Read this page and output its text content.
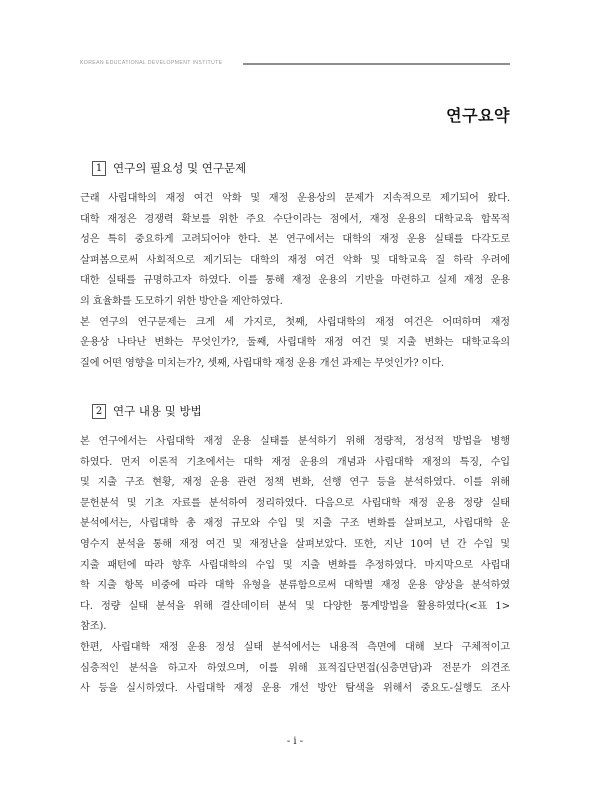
KOREAN EDUCATIONAL DEVELOPMENT INSTITUTE
연구요약
1 연구의 필요성 및 연구문제
근래 사립대학의 재정 여건 악화 및 재정 운용상의 문제가 지속적으로 제기되어 왔다.
대학 재정은 경쟁력 확보를 위한 주요 수단이라는 점에서, 재정 운용의 대학교육 합목적
성은 특히 중요하게 고려되어야 한다. 본 연구에서는 대학의 재정 운용 실태를 다각도로
살펴봄으로써 사회적으로 제기되는 대학의 재정 여건 악화 및 대학교육 질 하락 우려에
대한 실태를 규명하고자 하였다. 이를 통해 재정 운용의 기반을 마련하고 실제 재정 운용
의 효율화를 도모하기 위한 방안을 제안하였다.
본 연구의 연구문제는 크게 세 가지로, 첫째, 사립대학의 재정 여건은 어떠하며 재정
운용상 나타난 변화는 무엇인가?, 둘째, 사립대학 재정 여건 및 지출 변화는 대학교육의
질에 어떤 영향을 미치는가?, 셋째, 사립대학 재정 운용 개선 과제는 무엇인가? 이다.
2 연구 내용 및 방법
본 연구에서는 사립대학 재정 운용 실태를 분석하기 위해 정량적, 정성적 방법을 병행
하였다. 먼저 이론적 기초에서는 대학 재정 운용의 개념과 사립대학 재정의 특징, 수입
및 지출 구조 현황, 재정 운용 관련 정책 변화, 선행 연구 등을 분석하였다. 이를 위해
문헌분석 및 기초 자료를 분석하여 정리하였다. 다음으로 사립대학 재정 운용 정량 실태
분석에서는, 사립대학 총 재정 규모와 수입 및 지출 구조 변화를 살펴보고, 사립대학 운
영수지 분석을 통해 재정 여건 및 재정난을 살펴보았다. 또한, 지난 10여 년 간 수입 및
지출 패턴에 따라 향후 사립대학의 수입 및 지출 변화를 추정하였다. 마지막으로 사립대
학 지출 항목 비중에 따라 대학 유형을 분류함으로써 대학별 재정 운용 양상을 분석하였
다. 정량 실태 분석을 위해 결산데이터 분석 및 다양한 통계방법을 활용하였다(<표 1>
참조).
한편, 사립대학 재정 운용 정성 실태 분석에서는 내용적 측면에 대해 보다 구체적이고
심층적인 분석을 하고자 하였으며, 이를 위해 표적집단면접(심층면담)과 전문가 의견조
사 등을 실시하였다. 사립대학 재정 운용 개선 방안 탐색을 위해서 중요도-실행도 조사
- i -
